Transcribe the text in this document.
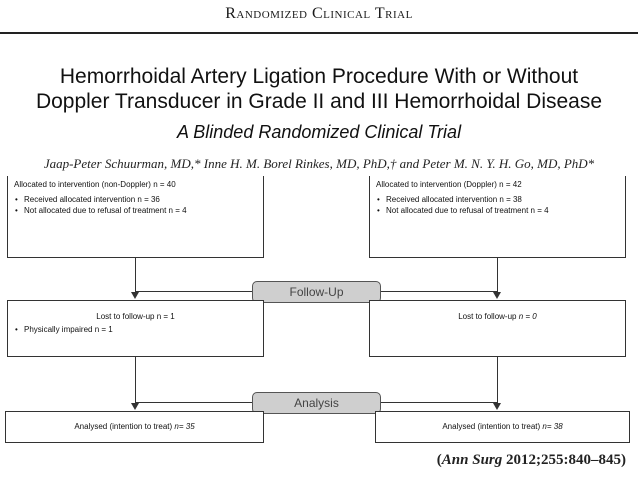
Randomized Clinical Trial
Hemorrhoidal Artery Ligation Procedure With or Without
Doppler Transducer in Grade II and III Hemorrhoidal Disease
A Blinded Randomized Clinical Trial
Jaap-Peter Schuurman, MD,* Inne H. M. Borel Rinkes, MD, PhD,† and Peter M. N. Y. H. Go, MD, PhD*
Allocated to intervention (non-Doppler) n = 40
• Received allocated intervention n = 36
• Not allocated due to refusal of treatment n = 4
Allocated to intervention (Doppler) n = 42
• Received allocated intervention n = 38
• Not allocated due to refusal of treatment n = 4
Follow-Up
Lost to follow-up n = 1
• Physically impaired n = 1
Lost to follow-up n = 0
Analysis
Analysed (intention to treat) n= 35	Analysed (intention to treat) n= 38
(Ann Surg 2012;255:840–845)
